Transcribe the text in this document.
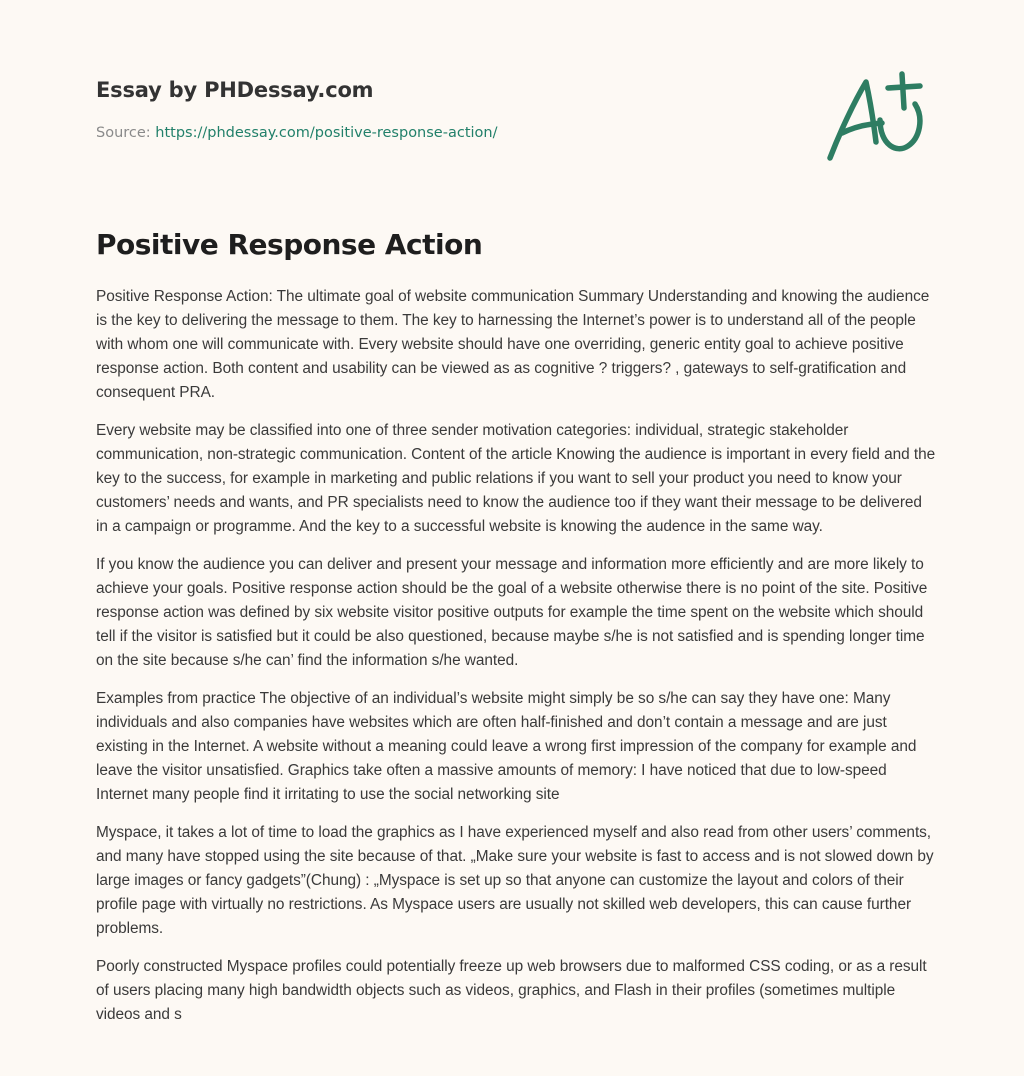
Essay by PHDessay.com
Source: https://phdessay.com/positive-response-action/
Positive Response Action

Positive Response Action: The ultimate goal of website communication Summary Understanding and knowing the audience is the key to delivering the message to them. The key to harnessing the Internet’s power is to understand all of the people with whom one will communicate with. Every website should have one overriding, generic entity goal to achieve positive response action. Both content and usability can be viewed as as cognitive ? triggers? , gateways to self-gratification and consequent PRA.

Every website may be classified into one of three sender motivation categories: individual, strategic stakeholder communication, non-strategic communication. Content of the article Knowing the audience is important in every field and the key to the success, for example in marketing and public relations if you want to sell your product you need to know your customers’ needs and wants, and PR specialists need to know the audience too if they want their message to be delivered in a campaign or programme. And the key to a successful website is knowing the audence in the same way.

If you know the audience you can deliver and present your message and information more efficiently and are more likely to achieve your goals. Positive response action should be the goal of a website otherwise there is no point of the site. Positive response action was defined by six website visitor positive outputs for example the time spent on the website which should tell if the visitor is satisfied but it could be also questioned, because maybe s/he is not satisfied and is spending longer time on the site because s/he can’ find the information s/he wanted.

Examples from practice The objective of an individual’s website might simply be so s/he can say they have one: Many individuals and also companies have websites which are often half-finished and don’t contain a message and are just existing in the Internet. A website without a meaning could leave a wrong first impression of the company for example and leave the visitor unsatisfied. Graphics take often a massive amounts of memory: I have noticed that due to low-speed Internet many people find it irritating to use the social networking site

Myspace, it takes a lot of time to load the graphics as I have experienced myself and also read from other users’ comments, and many have stopped using the site because of that. „Make sure your website is fast to access and is not slowed down by large images or fancy gadgets”(Chung) : „Myspace is set up so that anyone can customize the layout and colors of their profile page with virtually no restrictions. As Myspace users are usually not skilled web developers, this can cause further problems.

Poorly constructed Myspace profiles could potentially freeze up web browsers due to malformed CSS coding, or as a result of users placing many high bandwidth objects such as videos, graphics, and Flash in their profiles (sometimes multiple videos and s
